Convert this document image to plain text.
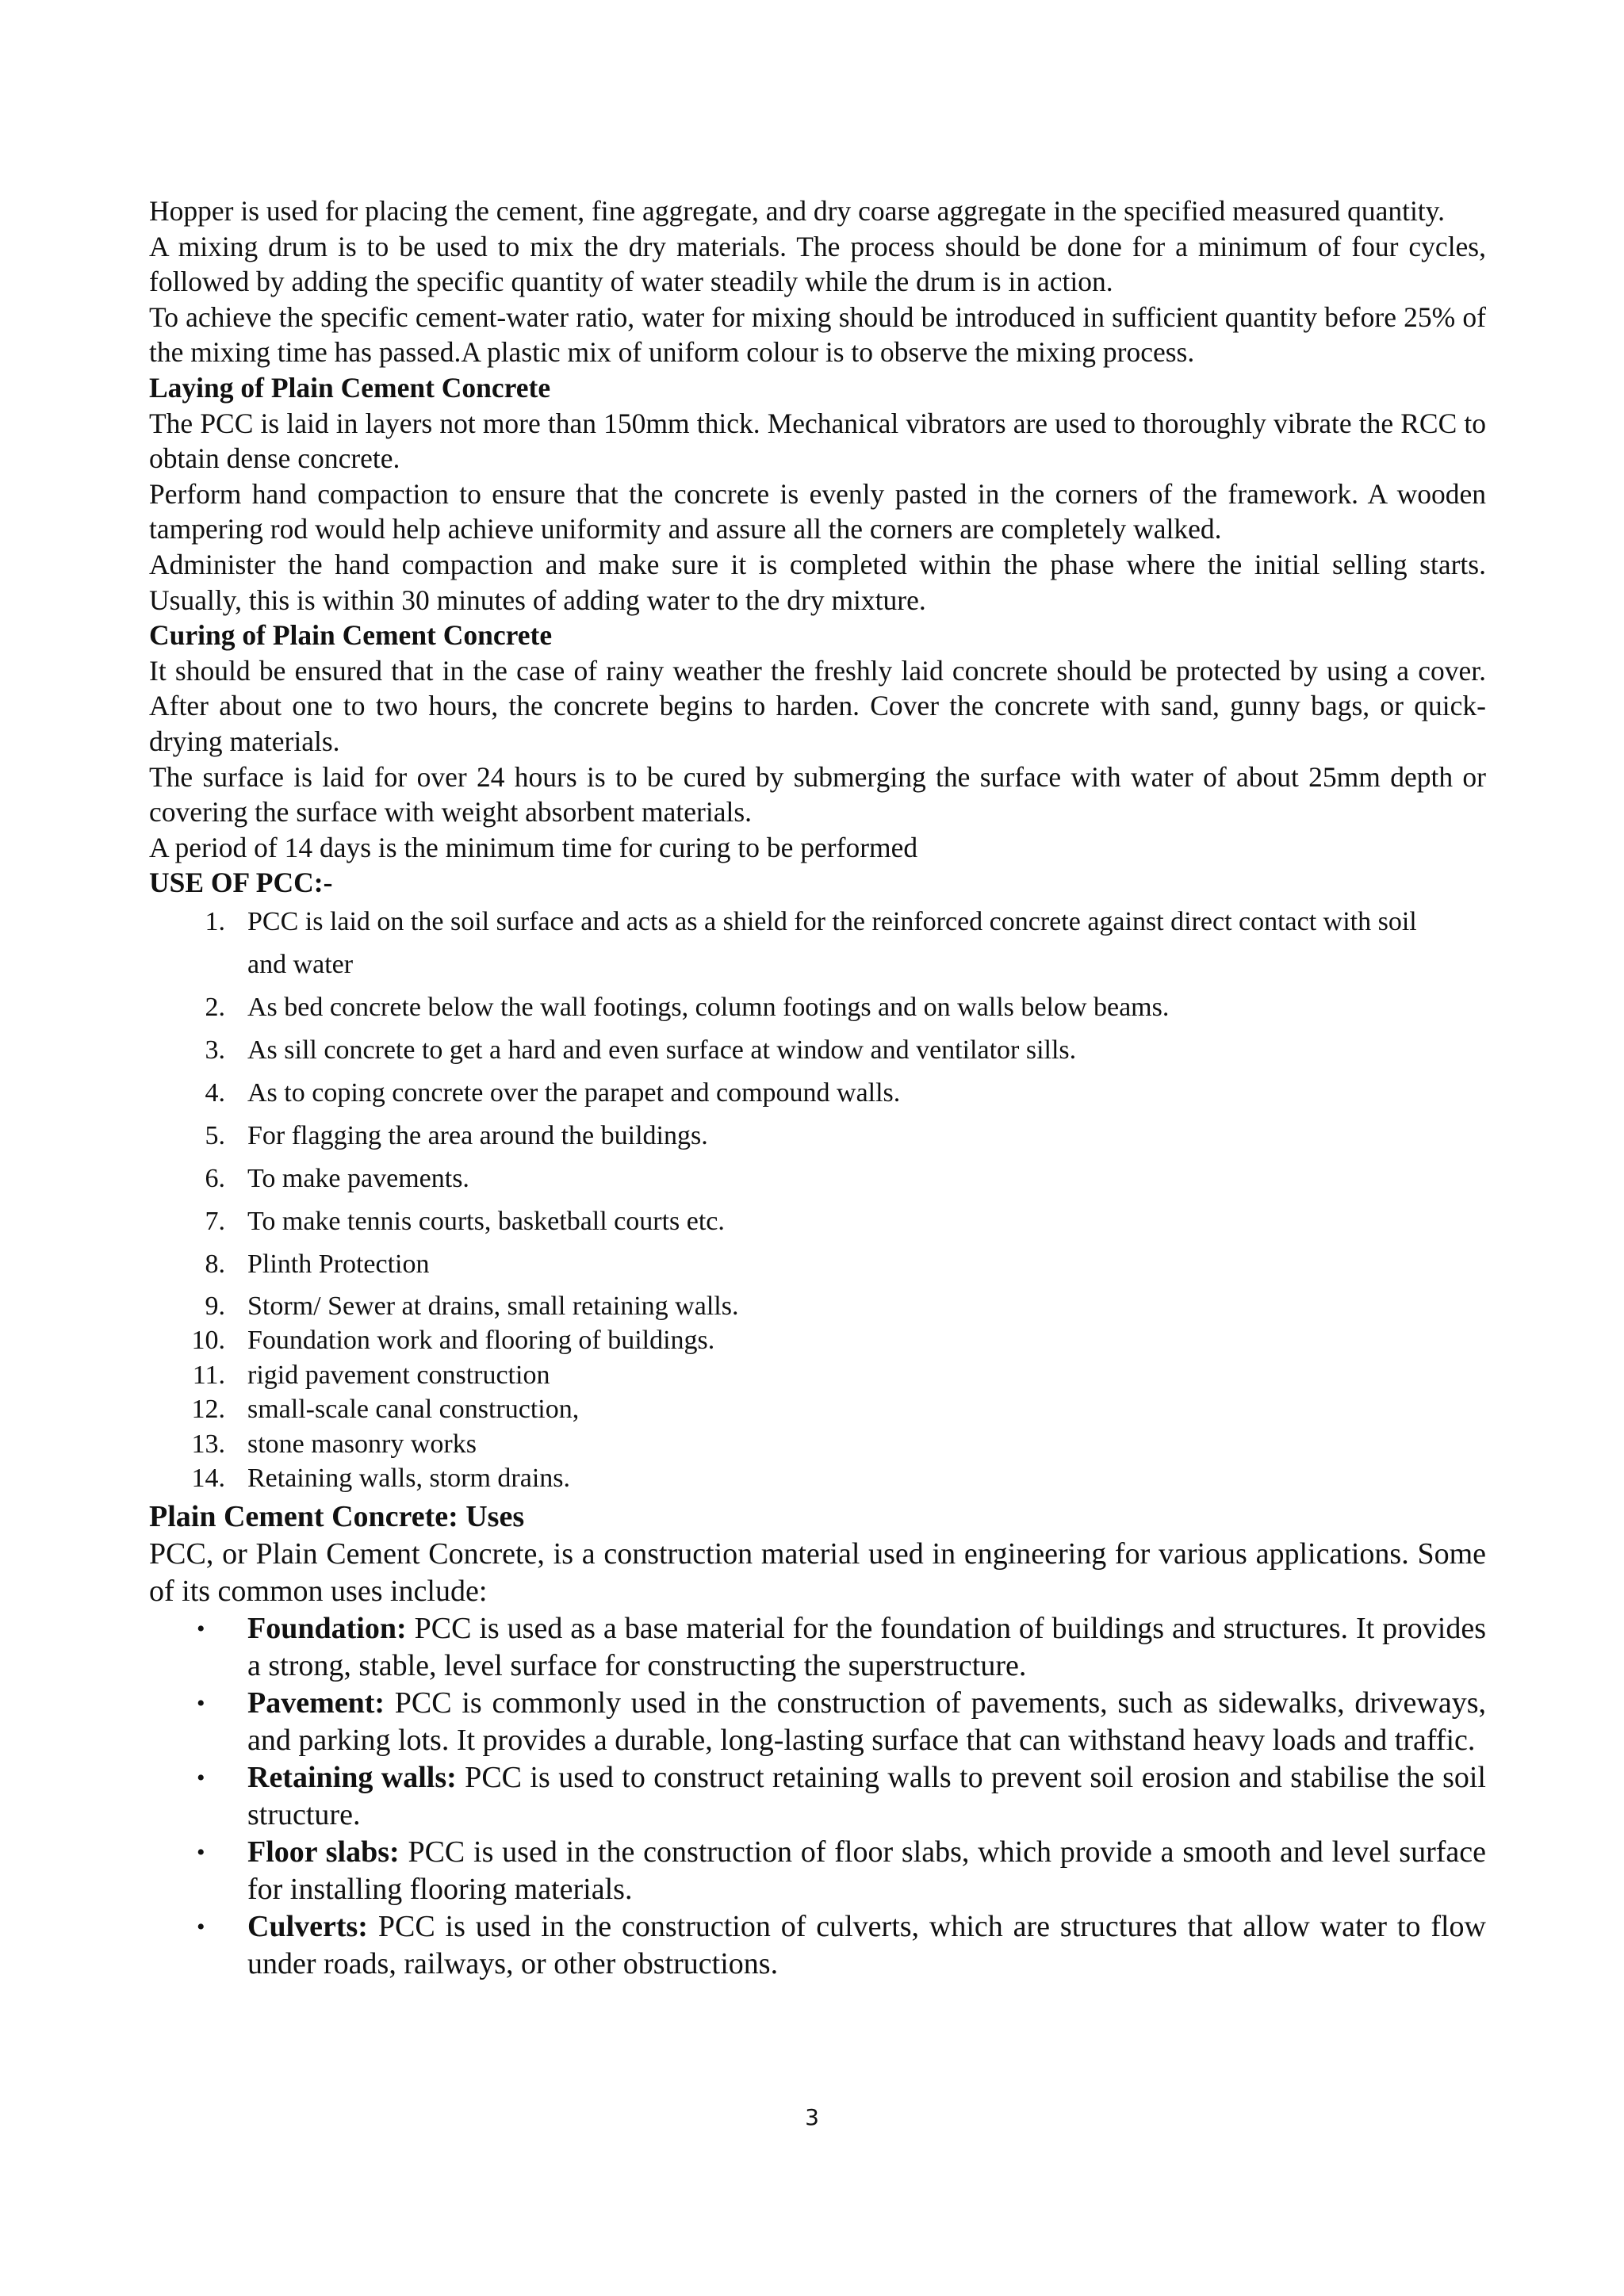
Hopper is used for placing the cement, fine aggregate, and dry coarse aggregate in the specified measured quantity.

A mixing drum is to be used to mix the dry materials. The process should be done for a minimum of four cycles, followed by adding the specific quantity of water steadily while the drum is in action.

To achieve the specific cement-water ratio, water for mixing should be introduced in sufficient quantity before 25% of the mixing time has passed.A plastic mix of uniform colour is to observe the mixing process.

Laying of Plain Cement Concrete

The PCC is laid in layers not more than 150mm thick. Mechanical vibrators are used to thoroughly vibrate the RCC to obtain dense concrete.

Perform hand compaction to ensure that the concrete is evenly pasted in the corners of the framework. A wooden tampering rod would help achieve uniformity and assure all the corners are completely walked.

Administer the hand compaction and make sure it is completed within the phase where the initial selling starts. Usually, this is within 30 minutes of adding water to the dry mixture.

Curing of Plain Cement Concrete

It should be ensured that in the case of rainy weather the freshly laid concrete should be protected by using a cover. After about one to two hours, the concrete begins to harden. Cover the concrete with sand, gunny bags, or quick-drying materials.

The surface is laid for over 24 hours is to be cured by submerging the surface with water of about 25mm depth or covering the surface with weight absorbent materials.

A period of 14 days is the minimum time for curing to be performed

USE OF PCC:-

1. PCC is laid on the soil surface and acts as a shield for the reinforced concrete against direct contact with soil and water
2. As bed concrete below the wall footings, column footings and on walls below beams.
3. As sill concrete to get a hard and even surface at window and ventilator sills.
4. As to coping concrete over the parapet and compound walls.
5. For flagging the area around the buildings.
6. To make pavements.
7. To make tennis courts, basketball courts etc.
8. Plinth Protection
9. Storm/ Sewer at drains, small retaining walls.
10. Foundation work and flooring of buildings.
11. rigid pavement construction
12. small-scale canal construction,
13. stone masonry works
14. Retaining walls, storm drains.

Plain Cement Concrete: Uses

PCC, or Plain Cement Concrete, is a construction material used in engineering for various applications. Some of its common uses include:

• Foundation: PCC is used as a base material for the foundation of buildings and structures. It provides a strong, stable, level surface for constructing the superstructure.
• Pavement: PCC is commonly used in the construction of pavements, such as sidewalks, driveways, and parking lots. It provides a durable, long-lasting surface that can withstand heavy loads and traffic.
• Retaining walls: PCC is used to construct retaining walls to prevent soil erosion and stabilise the soil structure.
• Floor slabs: PCC is used in the construction of floor slabs, which provide a smooth and level surface for installing flooring materials.
• Culverts: PCC is used in the construction of culverts, which are structures that allow water to flow under roads, railways, or other obstructions.
3
